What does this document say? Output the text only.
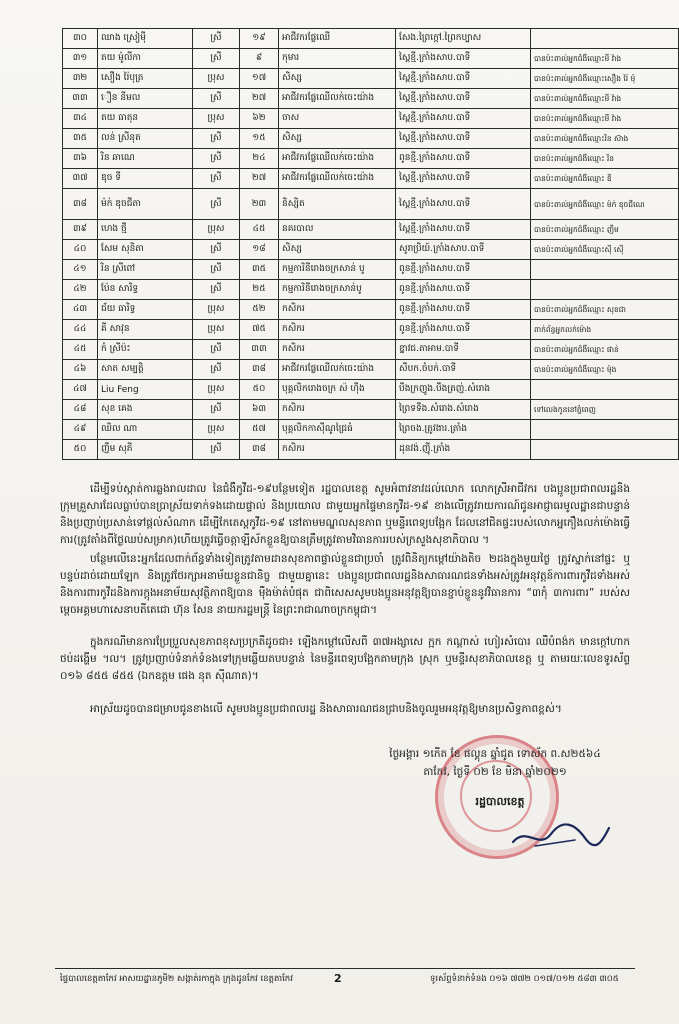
៣០	ឈាង ស្រៀម៉ី	ស្រី	១៩	អាជីវករផ្លែឈើ	សែង.ព្រៃក្តៅ.ព្រៃកប្បាស	
៣១	តយ ម៉ូលីកា	ស្រី	៩	កុមារ	ស្ពៃខ្មី.ក្រាំងសាប.បាទី	បានប៉ះពាល់អ្នកជំងឺឈ្មោះមី វ៉ាង
៣២	សឿង រ៉ៃបុត្រ	ប្រុស	១៧	សិស្ស	ស្ពៃខ្មី.ក្រាំងសាប.បាទី	បានប៉ះពាល់អ្នកជំងឺឈ្មោះសឿង រ៉ៃ ម៉ុ
៣៣	ឿន នីមល	ស្រី	២៧	អាជីវករផ្លែឈើលក់ចេះយ៉ាង	ស្ពៃខ្មី.ក្រាំងសាប.បាទី	បានប៉ះពាល់អ្នកជំងឺឈ្មោះមី វ៉ាង
៣៤	តយ ធាតុន	ប្រុស	៦២	ចាស	ស្ពៃខ្មី.ក្រាំងសាប.បាទី	បានប៉ះពាល់អ្នកជំងឺឈ្មោះមី វ៉ាង
៣៥	លន់ ស្រីនុត	ស្រី	១៥	សិស្ស	ស្ពៃខ្មី.ក្រាំងសាប.បាទី	បានប៉ះពាល់អ្នកជំងឺឈ្មោះរិន ស៊ាង
៣៦	រិន ឆាណេ	ស្រី	២៤	អាជីវករផ្លែឈើលក់ចេះយ៉ាង	ពូនខ្មី.ក្រាំងសាប.បាទី	បានប៉ះពាល់អ្នកជំងឺឈ្មោះ រិន
៣៧	ឌុច ទី	ស្រី	២៧	អាជីវករផ្លែឈើលក់ចេះយ៉ាង	ស្ពៃខ្មី.ក្រាំងសាប.បាទី	បានប៉ះពាល់អ្នកជំងឺឈ្មោះ ឌី
៣៨	ម៉ក់ ឌុចជីតា	ស្រី	២៣	និស្សិត	ស្ពៃខ្មី.ក្រាំងសាប.បាទី	បានប៉ះពាល់អ្នកជំងឺឈ្មោះ ម៉ក់ ឌុចជីណេ
៣៩	ហេង ថ្មី	ប្រុស	៤៥	នគរបាល	ស្ពៃខ្មី.ក្រាំងសាប.បាទី	បានប៉ះពាល់អ្នកជំងឺឈ្មោះ ញឹម
៤០	សែម សុនិតា	ស្រី	១៨	សិស្ស	សូរាប្រិយ៍.ក្រាំងសាប.បាទី	បានប៉ះពាល់អ្នកជំងឺឈ្មោះស៊ី ស៊ើ
៤១	រិន ស្រីពៅ	ស្រី	៣៥	កម្មការិនីរោងចក្រសាន់ បូ	ពូនខ្មី.ក្រាំងសាប.បាទី	
៤២	ប៉ែន សារិទ្ធ	ស្រី	២៥	កម្មការិនីរោងចក្រសាន់បូ	ពូនខ្មី.ក្រាំងសាប.បាទី	
៤៣	ជ័យ ធារិទ្ធ	ប្រុស	៥២	កសិករ	ពូនខ្មី.ក្រាំងសាប.បាទី	បានប៉ះពាល់អ្នកជំងឺឈ្មោះ សុខជា
៤៤	គី សាវុន	ប្រុស	៧៥	កសិករ	ពូនខ្មី.ក្រាំងសាប.បាទី	ពាក់ព័ន្ធអ្នកលក់ម៉ោង
៤៥	កំ ស្រីប៉ះ	ស្រី	៣៣	កសិករ	ខ្នាវជ.តាអាម.បាទី	បានប៉ះពាល់អ្នកជំងឺឈ្មោះ ផាន់
៤៦	សាត សម្បត្តិ	ស្រី	៣៨	អាជីវករផ្លែឈើលក់ចេះយ៉ាង	សឹបក.ចំបក់.បាទី	បានប៉ះពាល់អ្នកជំងឺឈ្មោះ ម៉ុង
៤៧	Liu Feng	ប្រុស	៥០	បុគ្គលិករោងចក្រ ស៉ ហ៊ឹង	បឹងក្រញូង.បឹងត្រញ់.សំរោង	
៤៨	សុខ គេង	ស្រី	៦៣	កសិករ	ព្រៃទទឹង.សំរោង.សំរោង	ទៅលេងកូននៅភ្នំពេញ
៤៩	ឈិល ណា	ប្រុស	៥៧	បុគ្គលិកកាស៊ីណូជ្រៃធំ	ព្រៃចង.ត្រូវងារ.ត្រាំង	
៥០	ញឹម សុភី	ស្រី	៣៨	កសិករ	ដុនវង់.ញ៉ី.ត្រាំង	

ដើម្បីទប់ស្កាត់ការឆ្លងរាលដាល នៃជំងឺកូវីដ-១៩បន្ថែមទៀត រដ្ឋបាលខេត្ត សូមអំពាវនាវដល់លោក លោកស្រីអាជីវករ បងប្អូនប្រជាពលរដ្ឋនិងក្រុមគ្រួសារដែលធ្លាប់បានប្រាស្រ័យទាក់ទងដោយផ្ទាល់ និងប្រយោល ជាមួយអ្នកផ្ទៃមានកូវីដ-១៩ ខាងលើត្រូវរាយការណ៍ជូនអាជ្ញាធរមូលដ្ឋានជាបន្ទាន់ និងប្រញាប់ប្រសាន់ទៅផ្តល់សំណាក ដើម្បីកែតេស្តកូវីដ-១៩ នៅតាមមណ្ឌលសុខភាព ឬមន្ទីរពេទ្យបង្អែក ដែលនៅជិតផ្ទះរបស់លោកអ្នកឿងលក់ម៉ោងធ្វើការ(ត្រូវតាំងពីថ្ងៃឈប់សម្រាក)ហើយត្រូវធ្វើចត្តាឡីស័កខ្លួនឱ្យបានត្រឹមត្រូវតាមវិធានការរបស់ក្រសួងសុខាភិបាល ។

បន្ថែមលើនេះអ្នកដែលពាក់ព័ន្ធទាំងទៀតត្រូវតាមដានសុខភាពផ្ទាល់ខ្លួនជាប្រចាំ ត្រូវពិនិត្យកម្តៅយ៉ាងតិច ២ដងក្នុងមួយថ្ងៃ ត្រូវស្នាក់នៅផ្ទះ ឬបន្ទប់ដាច់ដោយឡែក និងត្រូវថែរក្សាអនាម័យខ្លួនជានិច្ច ជាមួយគ្នានេះ បងប្អូនប្រជាពលរដ្ឋនិងសាធារណជនទាំងអស់ត្រូវអនុវត្តន៍ការពារកូវីដទាំងអស់ និងការពារកូវីដនិងការក្តុងអនាម័យសុវត្ថិភាពឱ្យបាន ម៉ឺងម៉ាត់បំផុត ជាពិសេសសូមបងប្អូនអនុវត្តឱ្យបានខ្ជាប់ខ្ជួននូវវិធានការ “៣កុំ ៣ការពារ” របស់សម្តេចអគ្គមហាសេនាបតីតេជោ ហ៊ុន សែន នាយករដ្ឋមន្ត្រី នៃព្រះរាជាណាចក្រកម្ពុជា។

ក្នុងករណីមានការប្រែប្រួលសុខភាពខុសប្រក្រតីដូចជា៖ ឡើងកម្តៅលើសពី ៣៧អង្សាសេ ក្អក កណ្តាស់ ហៀរសំបោរ ឈឺបំពង់ក មានក្តៅហាក ថប់ដង្ហើម ។ល។ ត្រូវប្រញាប់ទំនាក់ទំនងទៅក្រុមឆ្លើយតបបន្ទាន់ នៃមន្ទីរពេទ្យបង្អែកតាមក្រុង ស្រុក ឬមន្ទីរសុខាភិបាលខេត្ត ឬ តាមរយៈលេខទូរស័ព្ទ ០១៦ ៨៥៥ ៨៥៥ (ឯកឧត្តម ផេង នុត ស៊ីណាត)។

អាស្រ័យដូចបានជម្រាបជូនខាងលើ សូមបងប្អូនប្រជាពលរដ្ឋ និងសាធារណជនជ្រាបនិងចូលរួមអនុវត្តឱ្យមានប្រសិទ្ធភាពខ្ពស់។

ថ្ងៃអង្គារ ១កើត ខែ ផល្គុន ឆ្នាំជូត ទោស័ក ព.ស២៥៦៤
តាកែវ, ថ្ងៃទី ០២ ខែ មិនា ឆ្នាំ២០២១
រដ្ឋបាលខេត្ត
ផ្ទៃបាលខេត្តតាកែវ អាសយដ្ឋានភូមិ២ សង្កាត់រកាក្នុង ក្រុងដូនកែវ ខេត្តតាកែវ	2	ទូរស័ព្ទទំនាក់ទំនង ០១៦ ៧៧២ ០១៧/០១២ ៥៨៣ ៣០៥
